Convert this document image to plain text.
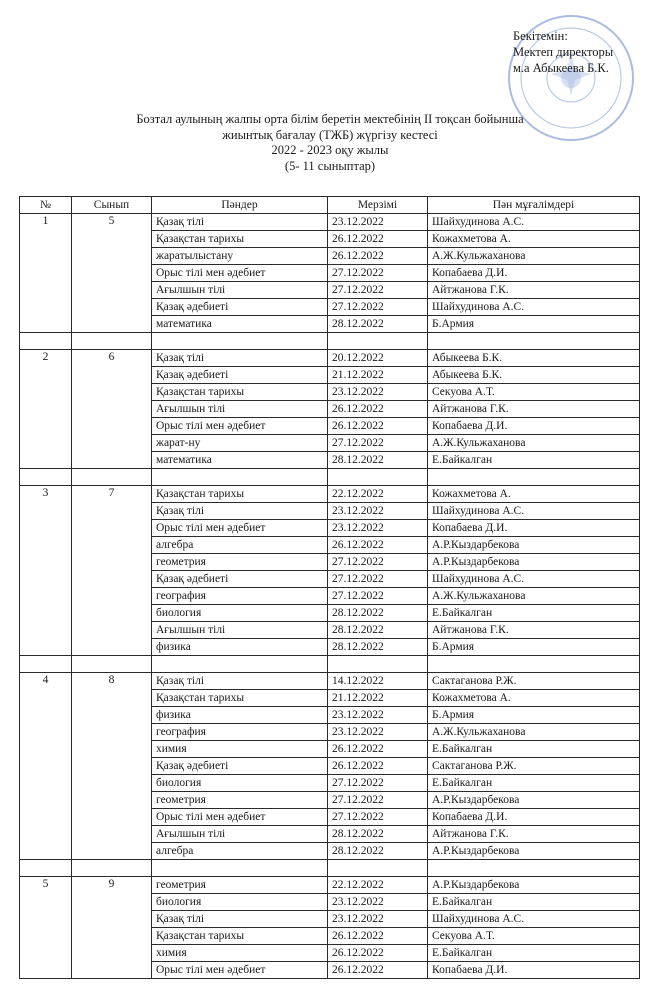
Бекітемін:
Мектеп директоры
м.а Абыкеева Б.К.
Бозтал аулының жалпы орта білім беретін мектебінің II тоқсан бойынша
жиынтық бағалау (ТЖБ) жүргізу кестесі
2022 - 2023 оқу жылы
(5- 11 сыныптар)
№	Сынып	Пәндер	Мерзімі	Пән мұғалімдері
1	5	Қазақ тілі	23.12.2022	Шайхудинова А.С.
		Қазақстан тарихы	26.12.2022	Кожахметова А.
		жаратылыстану	26.12.2022	А.Ж.Кульжаханова
		Орыс тілі мен әдебиет	27.12.2022	Копабаева Д.И.
		Ағылшын тілі	27.12.2022	Айтжанова Г.К.
		Қазақ әдебиеті	27.12.2022	Шайхудинова А.С.
		математика	28.12.2022	Б.Армия

2	6	Қазақ тілі	20.12.2022	Абыкеева Б.К.
		Қазақ әдебиеті	21.12.2022	Абыкеева Б.К.
		Қазақстан тарихы	23.12.2022	Секуова А.Т.
		Ағылшын тілі	26.12.2022	Айтжанова Г.К.
		Орыс тілі мен әдебиет	26.12.2022	Копабаева Д.И.
		жарат-ну	27.12.2022	А.Ж.Кульжаханова
		математика	28.12.2022	Е.Байкалган

3	7	Қазақстан тарихы	22.12.2022	Кожахметова А.
		Қазақ тілі	23.12.2022	Шайхудинова А.С.
		Орыс тілі мен әдебиет	23.12.2022	Копабаева Д.И.
		алгебра	26.12.2022	А.Р.Кыздарбекова
		геометрия	27.12.2022	А.Р.Кыздарбекова
		Қазақ әдебиеті	27.12.2022	Шайхудинова А.С.
		география	27.12.2022	А.Ж.Кульжаханова
		биология	28.12.2022	Е.Байкалган
		Ағылшын тілі	28.12.2022	Айтжанова Г.К.
		физика	28.12.2022	Б.Армия

4	8	Қазақ тілі	14.12.2022	Сактаганова Р.Ж.
		Қазақстан тарихы	21.12.2022	Кожахметова А.
		физика	23.12.2022	Б.Армия
		география	23.12.2022	А.Ж.Кульжаханова
		химия	26.12.2022	Е.Байкалган
		Қазақ әдебиеті	26.12.2022	Сактаганова Р.Ж.
		биология	27.12.2022	Е.Байкалган
		геометрия	27.12.2022	А.Р.Кыздарбекова
		Орыс тілі мен әдебиет	27.12.2022	Копабаева Д.И.
		Ағылшын тілі	28.12.2022	Айтжанова Г.К.
		алгебра	28.12.2022	А.Р.Кыздарбекова

5	9	геометрия	22.12.2022	А.Р.Кыздарбекова
		биология	23.12.2022	Е.Байкалган
		Қазақ тілі	23.12.2022	Шайхудинова А.С.
		Қазақстан тарихы	26.12.2022	Секуова А.Т.
		химия	26.12.2022	Е.Байкалган
		Орыс тілі мен әдебиет	26.12.2022	Копабаева Д.И.
